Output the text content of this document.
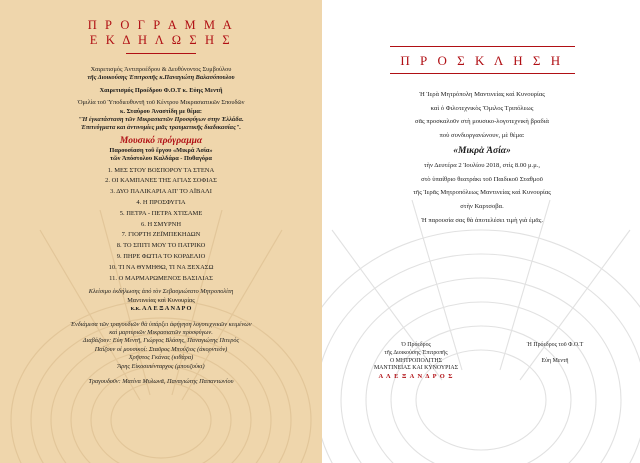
Π Ρ Ο Γ Ρ Α Μ Μ Α
Ε Κ Δ Η Λ Ω Σ Η Σ
Χαιρετισμός Ἀντιπροέδρου & Δευθύνοντος Συμβούλου
τῆς Διοικούσης Ἐπιτροπῆς κ.Παναγιώτη Βαλασόπουλου
Χαιρετισμός Προέδρου Φ.Ο.Τ κ. Εὐης Μεντῆ
Ὁμιλία τοῦ Ὑποδιευθυντῆ τοῦ Κέντρου Μικρασιατικῶν Σπουδῶν
κ. Σταύρου Ἀναστίδη με θέμα:
"Ἡ ἐγκατάσταση τῶν Μικρασιατῶν Προσφύγων στην Ἑλλάδα.
Ἐπιτεύγματα και ἀντινομίες μιᾶς τραυματικῆς διαδικασίας".
Μουσικό πρόγραμμα
Παρουσίαση τοῦ ἔργου «Μικρά Ἀσία»
τῶν Ἀπόστολου Καλδάρα - Πυθαγόρα
1. ΜΕΣ ΣΤΟΥ ΒΟΣΠΟΡΟΥ ΤΑ ΣΤΕΝΑ
2. ΟΙ ΚΑΜΠΑΝΕΣ ΤΗΣ ΑΓΙΑΣ ΣΟΦΙΑΣ
3. ΔΥΟ ΠΑΛΙΚΑΡΙΑ ΑΠ' ΤΟ ΑΪΒΑΛΙ
4. Η ΠΡΟΣΦΥΓΙΑ
5. ΠΕΤΡΑ - ΠΕΤΡΑ ΧΤΙΣΑΜΕ
6. Η ΣΜΥΡΝΗ
7. ΓΙΟΡΤΗ ΖΕΪΜΠΕΚΗΔΩΝ
8. ΤΟ ΣΠΙΤΙ ΜΟΥ ΤΟ ΠΑΤΡΙΚΟ
9. ΠΗΡΕ ΦΩΤΙΑ ΤΟ ΚΟΡΔΕΛΙΟ
10. ΤΙ ΝΑ ΘΥΜΗΘΩ, ΤΙ ΝΑ ΞΕΧΑΣΩ
11. Ο ΜΑΡΜΑΡΩΜΕΝΟΣ ΒΑΣΙΛΙΑΣ
Κλείσιμο ἐκδήλωσης ἀπό τὸν Σεβασμιώτατο Μητροπολίτη
Μαντινείας καὶ Κυνουρίας
κ.κ. Α Λ Ε Ξ Α Ν Δ Ρ Ο
Ἐνδιάμεσα τῶν τραγουδιῶν θὰ ὑπάρξει ἀφήγηση λογοτεχνικῶν κειμένων
καὶ μαρτυριῶν Μικρασιατῶν προσφύγων.
Διαβάζουν: Εὐη Μεντῆ, Γιώργος Βλάσης, Παναγιώτης Πιτερός
Παίζουν οἱ μουσικοί: Σταῦρος Μπούζιος (ἀκορντεόν)
Χρῆστος Γκάνας (κιθάρα)
Ἄρης Εἰκοσιπένταρχος (μπουζούκι)
Τραγουδοῦν: Ματίνα Μυλωνᾶ, Παναγιώτης Παπαντωνίου
Π Ρ Ο Σ Κ Λ Η Σ Η
Ἡ Ἱερὰ Μητρόπολη Μαντινείας καὶ Κυνουρίας
καὶ ὁ Φιλοτεχνικὸς Ὅμιλος Τριπόλεως
σᾶς προσκαλοῦν στὴ μουσικο-λογοτεχνικὴ βραδιὰ
ποὺ συνδιοργανώνουν, μὲ θέμα:
«Μικρὰ Ἀσία»
τὴν Δευτέρα 2 Ἰουλίου 2018, στὶς 8.00 μ.μ.,
στὸ ὑπαίθριο θεατράκι τοῦ Παιδικοῦ Σταθμοῦ
τῆς Ἱερᾶς Μητροπόλεως Μαντινείας καὶ Κυνουρίας
στὴν Καρτσοβα.
Ἡ παρουσία σας θὰ ἀποτελέσει τιμὴ γιὰ ἐμᾶς.
Ὁ Πρόεδρος
τῆς Διοικούσης Ἐπιτροπῆς
Ο ΜΗΤΡΟΠΟΛΙΤΗΣ
ΜΑΝΤΙΝΕΙΑΣ ΚΑΙ ΚΥΝΟΥΡΙΑΣ
Α Λ Ε Ξ Α Ν Δ Ρ Ο Σ
Ἡ Πρόεδρος τοῦ Φ.Ο.Τ
Εὐη Μεντῆ
